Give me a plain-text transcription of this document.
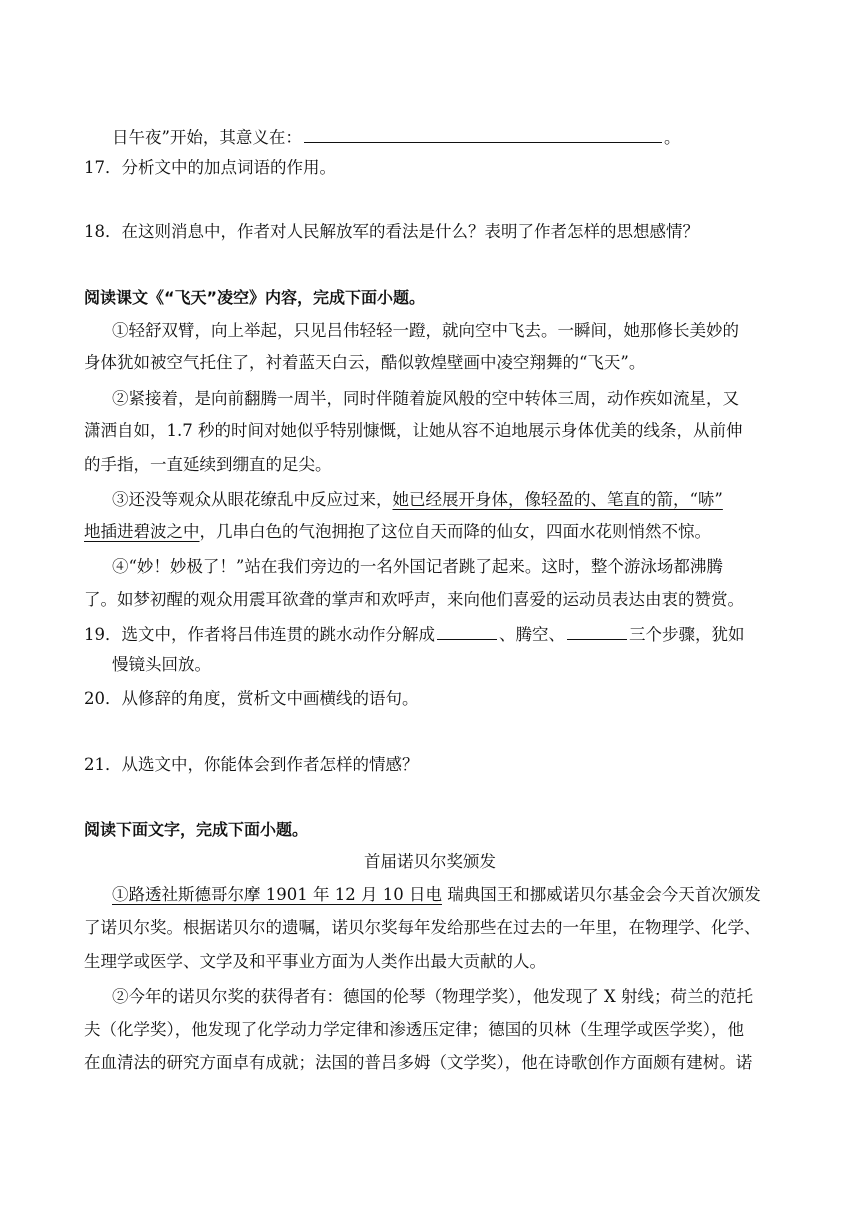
日午夜”开始，其意义在：	。
17．分析文中的加点词语的作用。
18．在这则消息中，作者对人民解放军的看法是什么？表明了作者怎样的思想感情？
阅读课文《“飞天”凌空》内容，完成下面小题。
①轻舒双臂，向上举起，只见吕伟轻轻一蹬，就向空中飞去。一瞬间，她那修长美妙的
身体犹如被空气托住了，衬着蓝天白云，酷似敦煌壁画中凌空翔舞的“飞天”。
②紧接着，是向前翻腾一周半，同时伴随着旋风般的空中转体三周，动作疾如流星，又
潇洒自如，1.7 秒的时间对她似乎特别慷慨，让她从容不迫地展示身体优美的线条，从前伸
的手指，一直延续到绷直的足尖。
③还没等观众从眼花缭乱中反应过来，她已经展开身体，像轻盈的、笔直的箭，“哧”
地插进碧波之中，几串白色的气泡拥抱了这位自天而降的仙女，四面水花则悄然不惊。
④“妙！妙极了！”站在我们旁边的一名外国记者跳了起来。这时，整个游泳场都沸腾
了。如梦初醒的观众用震耳欲聋的掌声和欢呼声，来向他们喜爱的运动员表达由衷的赞赏。
19．选文中，作者将吕伟连贯的跳水动作分解成	、腾空、	三个步骤，犹如
慢镜头回放。
20．从修辞的角度，赏析文中画横线的语句。
21．从选文中，你能体会到作者怎样的情感？
阅读下面文字，完成下面小题。
首届诺贝尔奖颁发
①路透社斯德哥尔摩 1901 年 12 月 10 日电 瑞典国王和挪威诺贝尔基金会今天首次颁发
了诺贝尔奖。根据诺贝尔的遗嘱，诺贝尔奖每年发给那些在过去的一年里，在物理学、化学、
生理学或医学、文学及和平事业方面为人类作出最大贡献的人。
②今年的诺贝尔奖的获得者有：德国的伦琴（物理学奖），他发现了 X 射线；荷兰的范托
夫（化学奖），他发现了化学动力学定律和渗透压定律；德国的贝林（生理学或医学奖），他
在血清法的研究方面卓有成就；法国的普吕多姆（文学奖），他在诗歌创作方面颇有建树。诺
